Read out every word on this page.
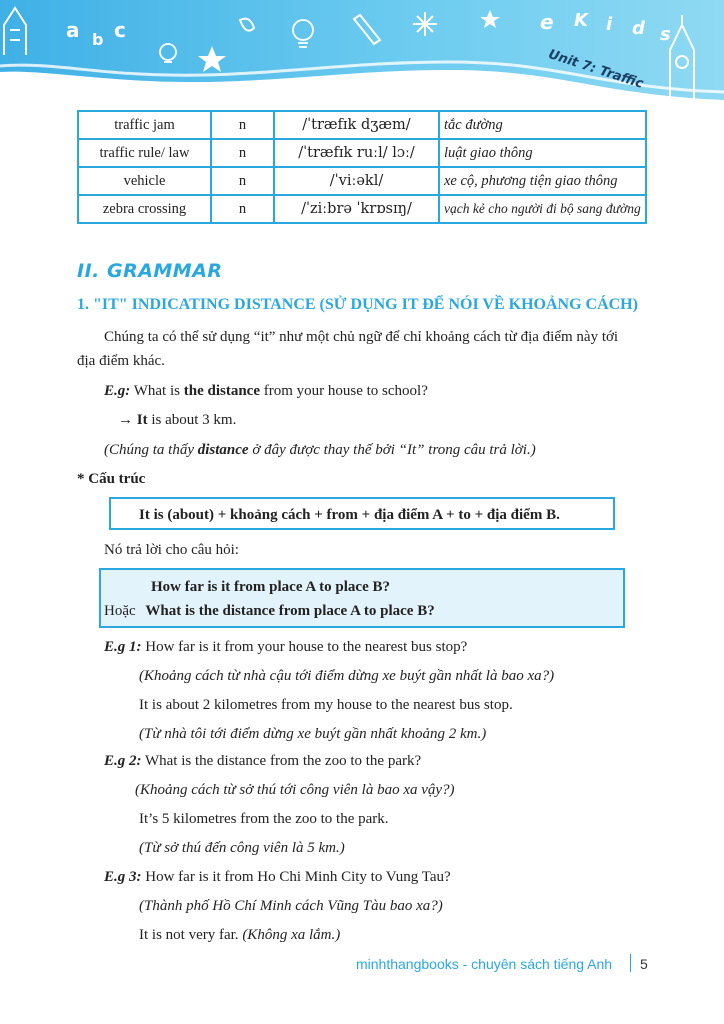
a b c	e K i d s
Unit 7: Traffic
traffic jam	n	/ˈtræfɪk dʒæm/	tắc đường
traffic rule/ law	n	/ˈtræfɪk ruːl/ lɔː/	luật giao thông
vehicle	n	/ˈviːəkl/	xe cộ, phương tiện giao thông
zebra crossing	n	/ˈziːbrə ˈkrɒsɪŋ/	vạch kẻ cho người đi bộ sang đường
II. GRAMMAR
1. "IT" INDICATING DISTANCE (SỬ DỤNG IT ĐỂ NÓI VỀ KHOẢNG CÁCH)
Chúng ta có thể sử dụng “it” như một chủ ngữ để chỉ khoảng cách từ địa điểm này tới
địa điểm khác.
E.g: What is the distance from your house to school?
→ It is about 3 km.
(Chúng ta thấy distance ở đây được thay thế bởi “It” trong câu trả lời.)
* Cấu trúc
It is (about) + khoảng cách + from + địa điểm A + to + địa điểm B.
Nó trả lời cho câu hỏi:
How far is it from place A to place B?
Hoặc What is the distance from place A to place B?
E.g 1: How far is it from your house to the nearest bus stop?
(Khoảng cách từ nhà cậu tới điểm dừng xe buýt gần nhất là bao xa?)
It is about 2 kilometres from my house to the nearest bus stop.
(Từ nhà tôi tới điểm dừng xe buýt gần nhất khoảng 2 km.)
E.g 2: What is the distance from the zoo to the park?
(Khoảng cách từ sở thú tới công viên là bao xa vậy?)
It’s 5 kilometres from the zoo to the park.
(Từ sở thú đến công viên là 5 km.)
E.g 3: How far is it from Ho Chi Minh City to Vung Tau?
(Thành phố Hồ Chí Minh cách Vũng Tàu bao xa?)
It is not very far. (Không xa lắm.)
minhthangbooks - chuyên sách tiếng Anh 5
